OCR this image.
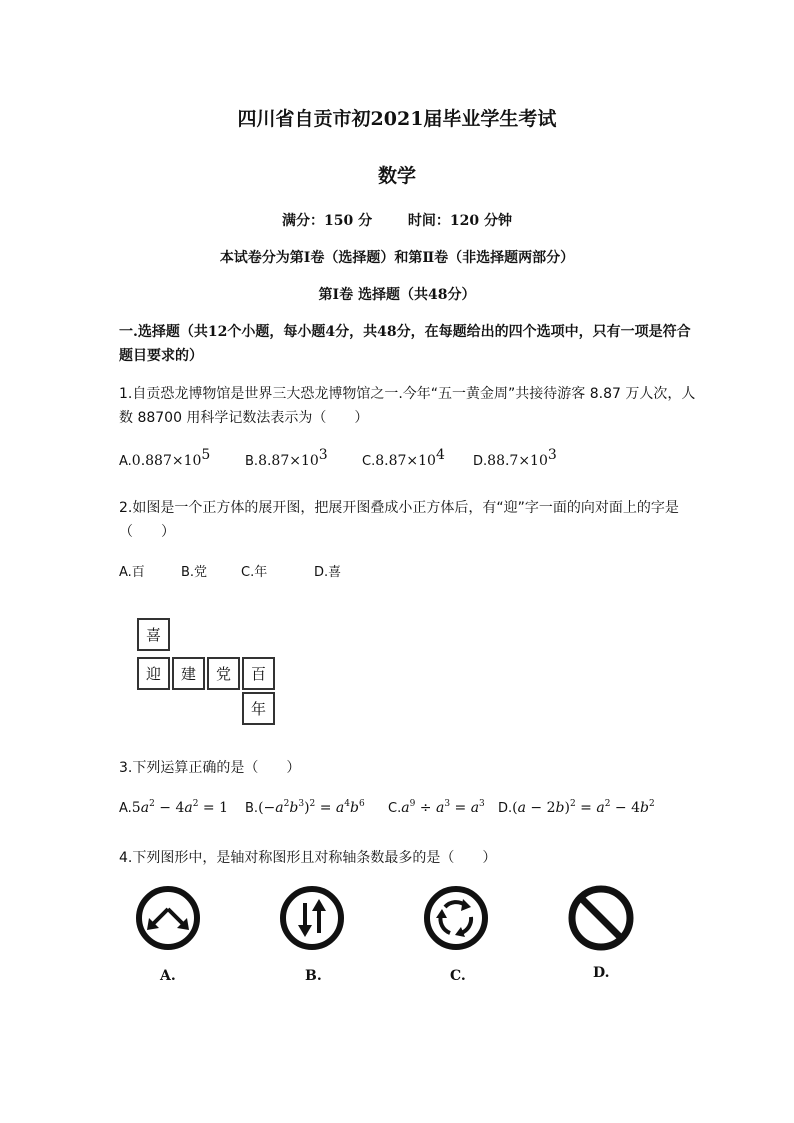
四川省自贡市初2021届毕业学生考试
数学
满分：150 分	时间：120 分钟
本试卷分为第Ⅰ卷（选择题）和第Ⅱ卷（非选择题两部分）
第Ⅰ卷 选择题（共48分）
一.选择题（共12个小题，每小题4分，共48分，在每题给出的四个选项中，只有一项是符合题目要求的）
1.自贡恐龙博物馆是世界三大恐龙博物馆之一.今年“五一黄金周”共接待游客 8.87 万人次，人数 88700 用科学记数法表示为（　　）
$A.0.887\times 10^5$	$B.8.87\times 10^3$	$C.8.87\times 10^4$ $D.88.7\times 10^3$
2.如图是一个正方体的展开图，把展开图叠成小正方体后，有“迎”字一面的向对面上的字是（　　）
A.百	B.党	C.年	D.喜
喜
迎	建	党	百
年
3.下列运算正确的是（　　）
$A.5a^2 - 4a^2 = 1$ $B.(-a^2b^3)^2 = a^4b^6$ $C.a^9 \div a^3 = a^3$ $D.(a - 2b)^2 = a^2 - 4b^2$
4.下列图形中，是轴对称图形且对称轴条数最多的是（　　）
A.	B.	C.	D.
